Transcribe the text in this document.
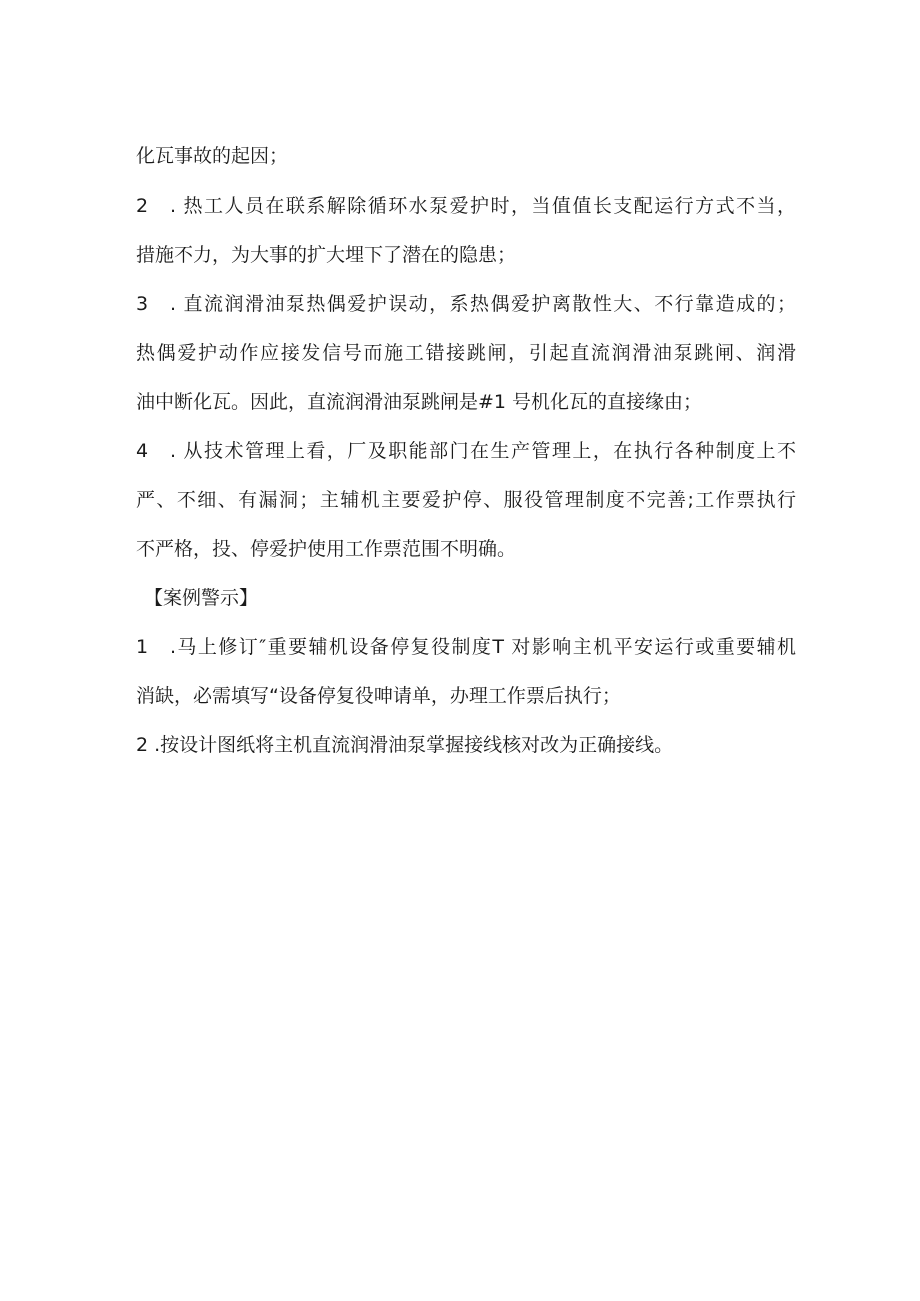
化瓦事故的起因；
2　. 热工人员在联系解除循环水泵爱护时，当值值长支配运行方式不当，
措施不力，为大事的扩大埋下了潜在的隐患；
3　. 直流润滑油泵热偶爱护误动，系热偶爱护离散性大、不行靠造成的；
热偶爱护动作应接发信号而施工错接跳闸，引起直流润滑油泵跳闸、润滑
油中断化瓦。因此，直流润滑油泵跳闸是#1 号机化瓦的直接缘由；
4　. 从技术管理上看，厂及职能部门在生产管理上，在执行各种制度上不
严、不细、有漏洞；主辅机主要爱护停、服役管理制度不完善;工作票执行
不严格，投、停爱护使用工作票范围不明确。
【案例警示】
1　.马上修订″重要辅机设备停复役制度T 对影响主机平安运行或重要辅机
消缺，必需填写“设备停复役呻请单，办理工作票后执行；
2 .按设计图纸将主机直流润滑油泵掌握接线核对改为正确接线。
